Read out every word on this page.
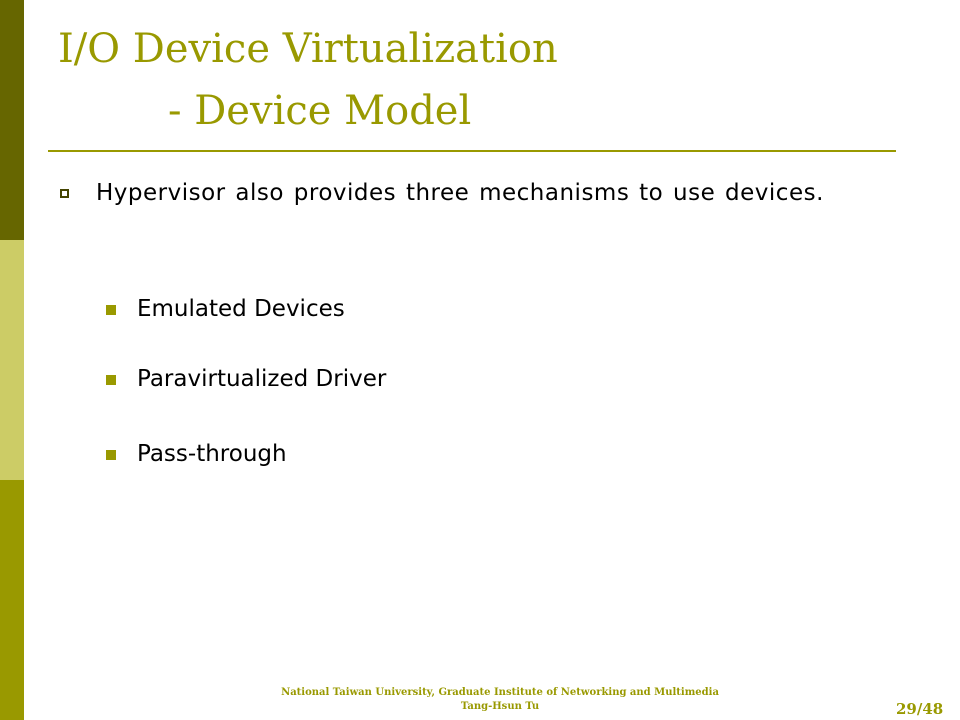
I/O Device Virtualization
- Device Model
Hypervisor also provides three mechanisms to use devices.
Emulated Devices
Paravirtualized Driver
Pass-through
National Taiwan University, Graduate Institute of Networking and Multimedia
Tang-Hsun Tu	29/48
